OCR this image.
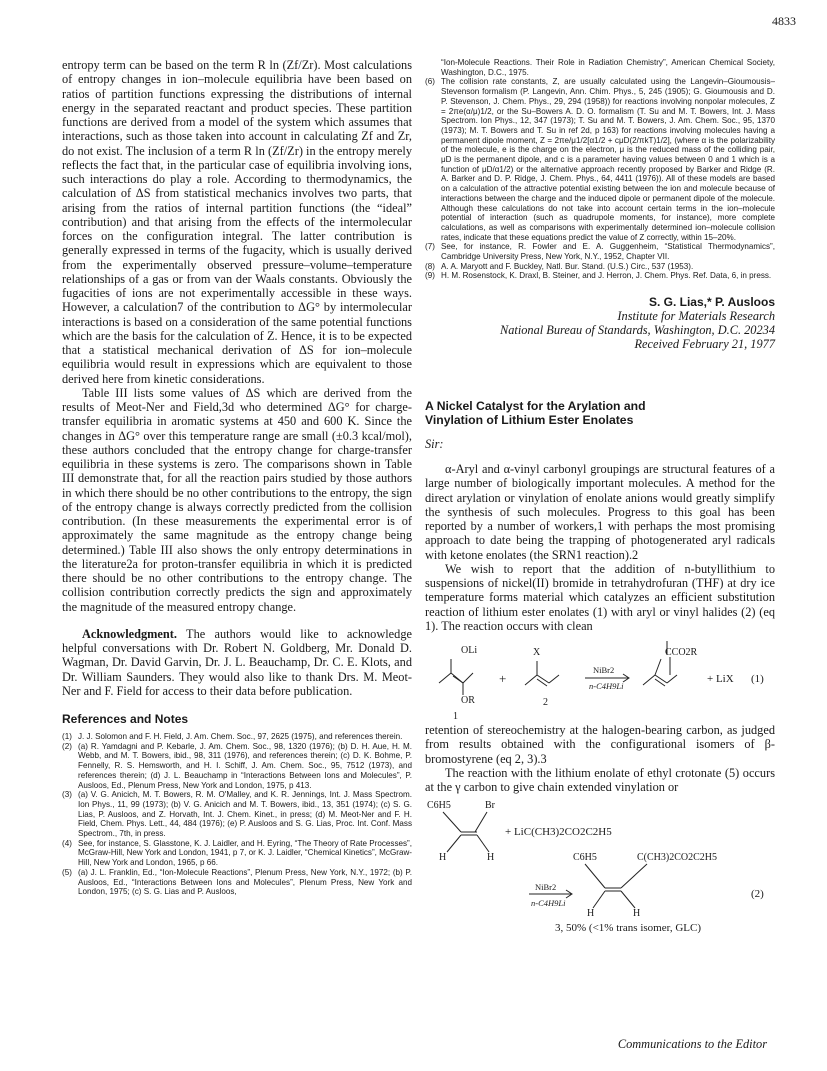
4833

entropy term can be based on the term R ln (Zf/Zr). Most calculations of entropy changes in ion–molecule equilibria have been based on ratios of partition functions expressing the distributions of internal energy in the separated reactant and product species. These partition functions are derived from a model of the system which assumes that interactions, such as those taken into account in calculating Zf and Zr, do not exist. The inclusion of a term R ln (Zf/Zr) in the entropy merely reflects the fact that, in the particular case of equilibria involving ions, such interactions do play a role. According to thermodynamics, the calculation of ΔS from statistical mechanics involves two parts, that arising from the ratios of internal partition functions (the “ideal” contribution) and that arising from the effects of the intermolecular forces on the configuration integral. The latter contribution is generally expressed in terms of the fugacity, which is usually derived from the experimentally observed pressure–volume–temperature relationships of a gas or from van der Waals constants. Obviously the fugacities of ions are not experimentally accessible in these ways. However, a calculation7 of the contribution to ΔG° by intermolecular interactions is based on a consideration of the same potential functions which are the basis for the calculation of Z. Hence, it is to be expected that a statistical mechanical derivation of ΔS for ion–molecule equilibria would result in expressions which are equivalent to those derived here from kinetic considerations.

Table III lists some values of ΔS which are derived from the results of Meot-Ner and Field,3d who determined ΔG° for charge-transfer equilibria in aromatic systems at 450 and 600 K. Since the changes in ΔG° over this temperature range are small (±0.3 kcal/mol), these authors concluded that the entropy change for charge-transfer equilibria in these systems is zero. The comparisons shown in Table III demonstrate that, for all the reaction pairs studied by those authors in which there should be no other contributions to the entropy, the sign of the entropy change is always correctly predicted from the collision contribution. (In these measurements the experimental error is of approximately the same magnitude as the entropy change being determined.) Table III also shows the only entropy determinations in the literature2a for proton-transfer equilibria in which it is predicted there should be no other contributions to the entropy change. The collision contribution correctly predicts the sign and approximately the magnitude of the measured entropy change.

Acknowledgment. The authors would like to acknowledge helpful conversations with Dr. Robert N. Goldberg, Mr. Donald D. Wagman, Dr. David Garvin, Dr. J. L. Beauchamp, Dr. C. E. Klots, and Dr. William Saunders. They would also like to thank Drs. M. Meot-Ner and F. Field for access to their data before publication.

References and Notes
(1) J. J. Solomon and F. H. Field, J. Am. Chem. Soc., 97, 2625 (1975), and references therein.
(2) (a) R. Yamdagni and P. Kebarle, J. Am. Chem. Soc., 98, 1320 (1976); (b) D. H. Aue, H. M. Webb, and M. T. Bowers, ibid., 98, 311 (1976), and references therein; (c) D. K. Bohme, P. Fennelly, R. S. Hemsworth, and H. I. Schiff, J. Am. Chem. Soc., 95, 7512 (1973), and references therein; (d) J. L. Beauchamp in “Interactions Between Ions and Molecules”, P. Ausloos, Ed., Plenum Press, New York and London, 1975, p 413.
(3) (a) V. G. Anicich, M. T. Bowers, R. M. O'Malley, and K. R. Jennings, Int. J. Mass Spectrom. Ion Phys., 11, 99 (1973); (b) V. G. Anicich and M. T. Bowers, ibid., 13, 351 (1974); (c) S. G. Lias, P. Ausloos, and Z. Horvath, Int. J. Chem. Kinet., in press; (d) M. Meot-Ner and F. H. Field, Chem. Phys. Lett., 44, 484 (1976); (e) P. Ausloos and S. G. Lias, Proc. Int. Conf. Mass Spectrom., 7th, in press.
(4) See, for instance, S. Glasstone, K. J. Laidler, and H. Eyring, “The Theory of Rate Processes”, McGraw-Hill, New York and London, 1941, p 7, or K. J. Laidler, “Chemical Kinetics”, McGraw-Hill, New York and London, 1965, p 66.
(5) (a) J. L. Franklin, Ed., “Ion-Molecule Reactions”, Plenum Press, New York, N.Y., 1972; (b) P. Ausloos, Ed., “Interactions Between Ions and Molecules”, Plenum Press, New York and London, 1975; (c) S. G. Lias and P. Ausloos,
“Ion-Molecule Reactions. Their Role in Radiation Chemistry”, American Chemical Society, Washington, D.C., 1975.
(6) The collision rate constants, Z, are usually calculated using the Langevin–Gioumousis–Stevenson formalism (P. Langevin, Ann. Chim. Phys., 5, 245 (1905); G. Gioumousis and D. P. Stevenson, J. Chem. Phys., 29, 294 (1958)) for reactions involving nonpolar molecules, Z = 2πe(α/μ)1/2, or the Su–Bowers A. D. O. formalism (T. Su and M. T. Bowers, Int. J. Mass Spectrom. Ion Phys., 12, 347 (1973); T. Su and M. T. Bowers, J. Am. Chem. Soc., 95, 1370 (1973); M. T. Bowers and T. Su in ref 2d, p 163) for reactions involving molecules having a permanent dipole moment, Z = 2πe/μ1/2[α1/2 + cμD(2/πkT)1/2], (where α is the polarizability of the molecule, e is the charge on the electron, μ is the reduced mass of the colliding pair, μD is the permanent dipole, and c is a parameter having values between 0 and 1 which is a function of μD/α1/2) or the alternative approach recently proposed by Barker and Ridge (R. A. Barker and D. P. Ridge, J. Chem. Phys., 64, 4411 (1976)). All of these models are based on a calculation of the attractive potential existing between the ion and molecule because of interactions between the charge and the induced dipole or permanent dipole of the molecule. Although these calculations do not take into account certain terms in the ion–molecule potential of interaction (such as quadrupole moments, for instance), more complete calculations, as well as comparisons with experimentally determined ion–molecule collision rates, indicate that these equations predict the value of Z correctly, within 15–20%.
(7) See, for instance, R. Fowler and E. A. Guggenheim, “Statistical Thermodynamics”, Cambridge University Press, New York, N.Y., 1952, Chapter VII.
(8) A. A. Maryott and F. Buckley, Natl. Bur. Stand. (U.S.) Circ., 537 (1953).
(9) H. M. Rosenstock, K. Draxl, B. Steiner, and J. Herron, J. Chem. Phys. Ref. Data, 6, in press.
S. G. Lias,* P. Ausloos
Institute for Materials Research
National Bureau of Standards, Washington, D.C. 20234
Received February 21, 1977
A Nickel Catalyst for the Arylation and
Vinylation of Lithium Ester Enolates
Sir:

α-Aryl and α-vinyl carbonyl groupings are structural features of a large number of biologically important molecules. A method for the direct arylation or vinylation of enolate anions would greatly simplify the synthesis of such molecules. Progress to this goal has been reported by a number of workers,1 with perhaps the most promising approach to date being the trapping of photogenerated aryl radicals with ketone enolates (the SRN1 reaction).2

We wish to report that the addition of n-butyllithium to suspensions of nickel(II) bromide in tetrahydrofuran (THF) at dry ice temperature forms material which catalyzes an efficient substitution reaction of lithium ester enolates (1) with aryl or vinyl halides (2) (eq 1). The reaction occurs with clean

OLi
OR
1
+
X
2
NiBr2
n-C4H9Li
CCO2R
+ LiX (1)

retention of stereochemistry at the halogen-bearing carbon, as judged from results obtained with the configurational isomers of β-bromostyrene (eq 2, 3).3

The reaction with the lithium enolate of ethyl crotonate (5) occurs at the γ carbon to give chain extended vinylation or

C6H5	Br
H	H
+ LiC(CH3)2CO2C2H5
NiBr2
n-C4H9Li
C6H5	C(CH3)2CO2C2H5
H	H
(2)
3, 50% (<1% trans isomer, GLC)
Communications to the Editor
